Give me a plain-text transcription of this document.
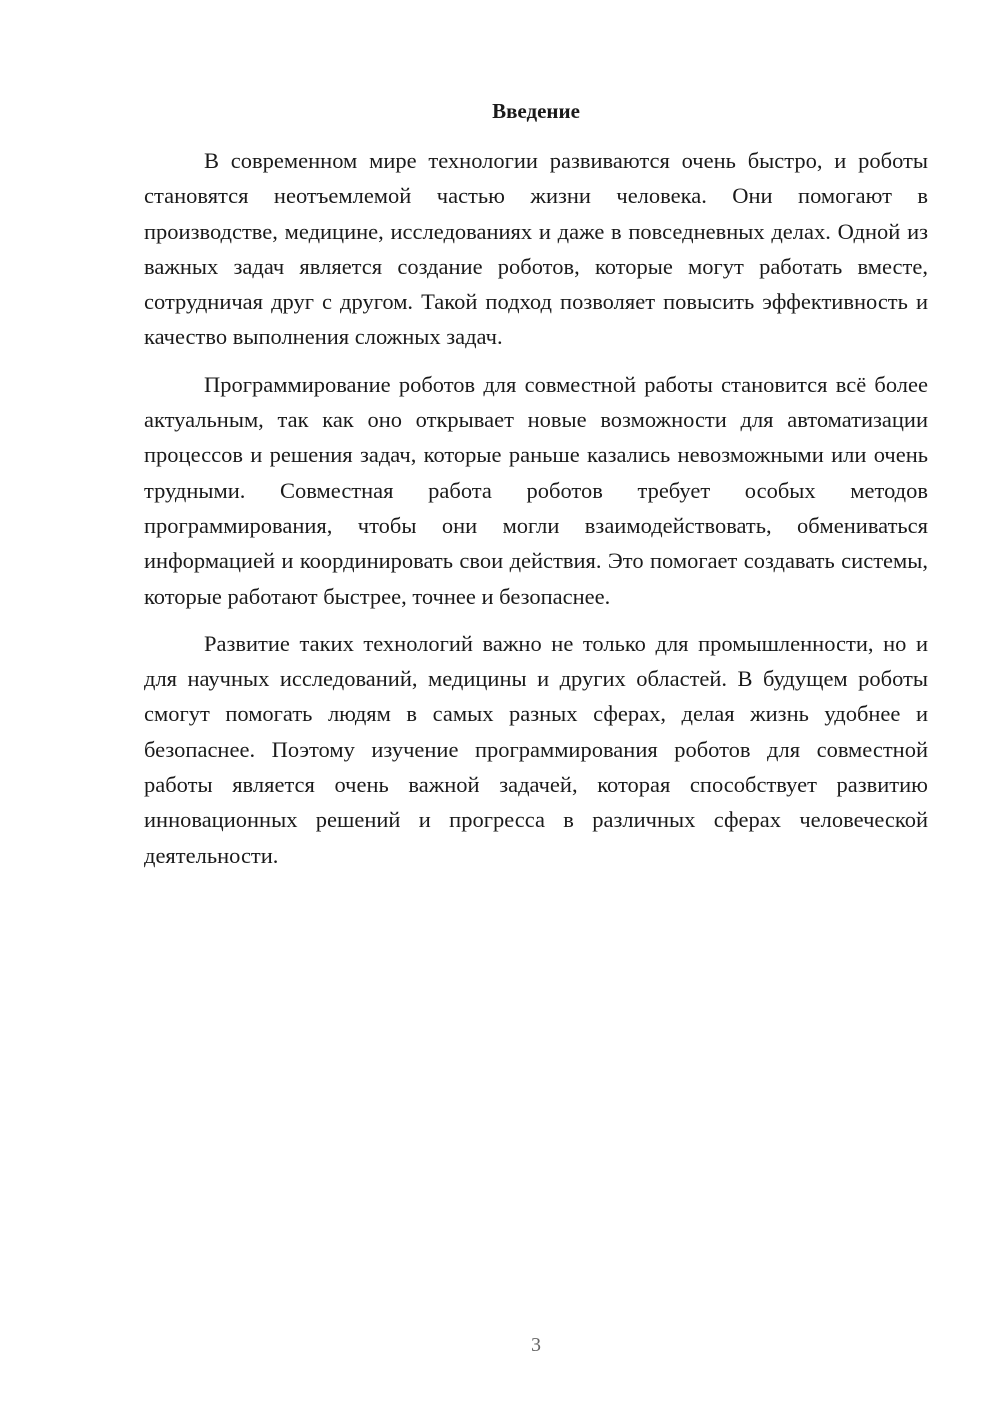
Введение

В современном мире технологии развиваются очень быстро, и роботы становятся неотъемлемой частью жизни человека. Они помогают в производстве, медицине, исследованиях и даже в повседневных делах. Одной из важных задач является создание роботов, которые могут работать вместе, сотрудничая друг с другом. Такой подход позволяет повысить эффективность и качество выполнения сложных задач.

Программирование роботов для совместной работы становится всё более актуальным, так как оно открывает новые возможности для автоматизации процессов и решения задач, которые раньше казались невозможными или очень трудными. Совместная работа роботов требует особых методов программирования, чтобы они могли взаимодействовать, обмениваться информацией и координировать свои действия. Это помогает создавать системы, которые работают быстрее, точнее и безопаснее.

Развитие таких технологий важно не только для промышленности, но и для научных исследований, медицины и других областей. В будущем роботы смогут помогать людям в самых разных сферах, делая жизнь удобнее и безопаснее. Поэтому изучение программирования роботов для совместной работы является очень важной задачей, которая способствует развитию инновационных решений и прогресса в различных сферах человеческой деятельности.

3
